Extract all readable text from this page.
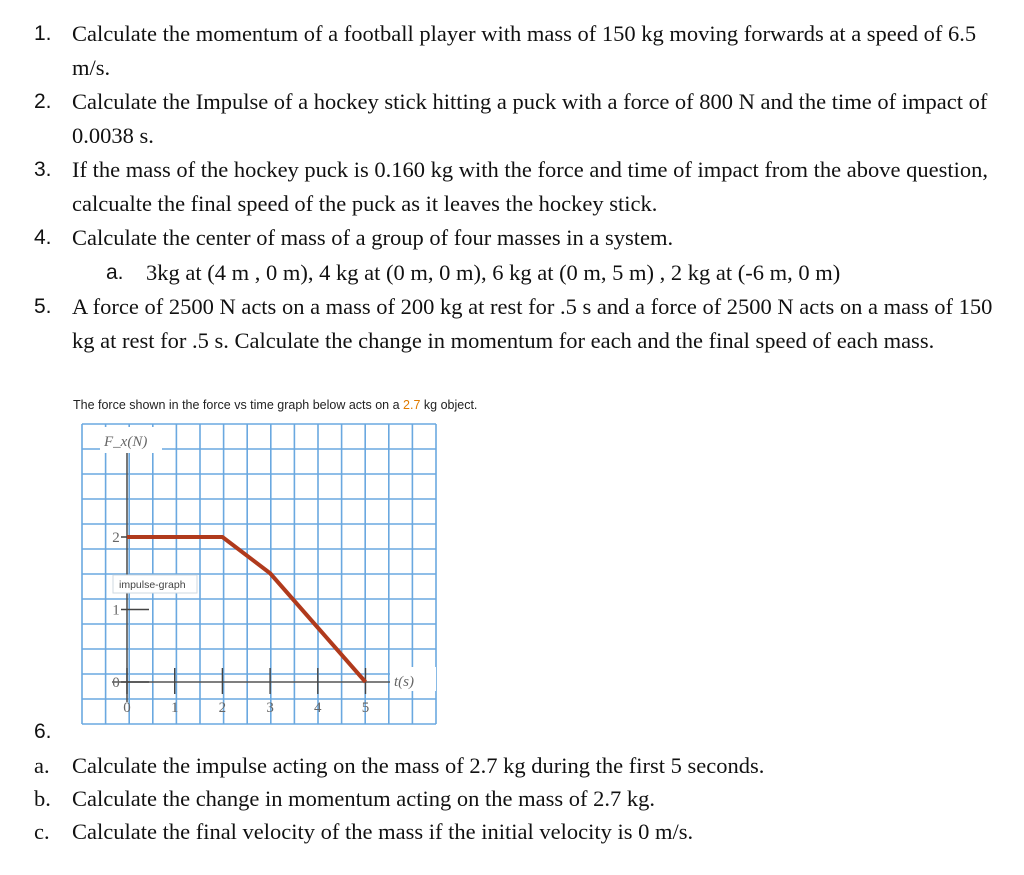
1. Calculate the momentum of a football player with mass of 150 kg moving forwards at a speed of 6.5 m/s.
2. Calculate the Impulse of a hockey stick hitting a puck with a force of 800 N and the time of impact of 0.0038 s.
3. If the mass of the hockey puck is 0.160 kg with the force and time of impact from the above question, calcualte the final speed of the puck as it leaves the hockey stick.
4. Calculate the center of mass of a group of four masses in a system.
a. 3kg at (4 m , 0 m), 4 kg at (0 m, 0 m), 6 kg at (0 m, 5 m) , 2 kg at (-6 m, 0 m)
5. A force of 2500 N acts on a mass of 200 kg at rest for .5 s and a force of 2500 N acts on a mass of 150 kg at rest for .5 s. Calculate the change in momentum for each and the final speed of each mass.
The force shown in the force vs time graph below acts on a 2.7 kg object.
0	1	2	3	4	5
0
1
2
F_x(N)
t(s)
impulse-graph
6.
a. Calculate the impulse acting on the mass of 2.7 kg during the first 5 seconds.
b. Calculate the change in momentum acting on the mass of 2.7 kg.
c. Calculate the final velocity of the mass if the initial velocity is 0 m/s.
